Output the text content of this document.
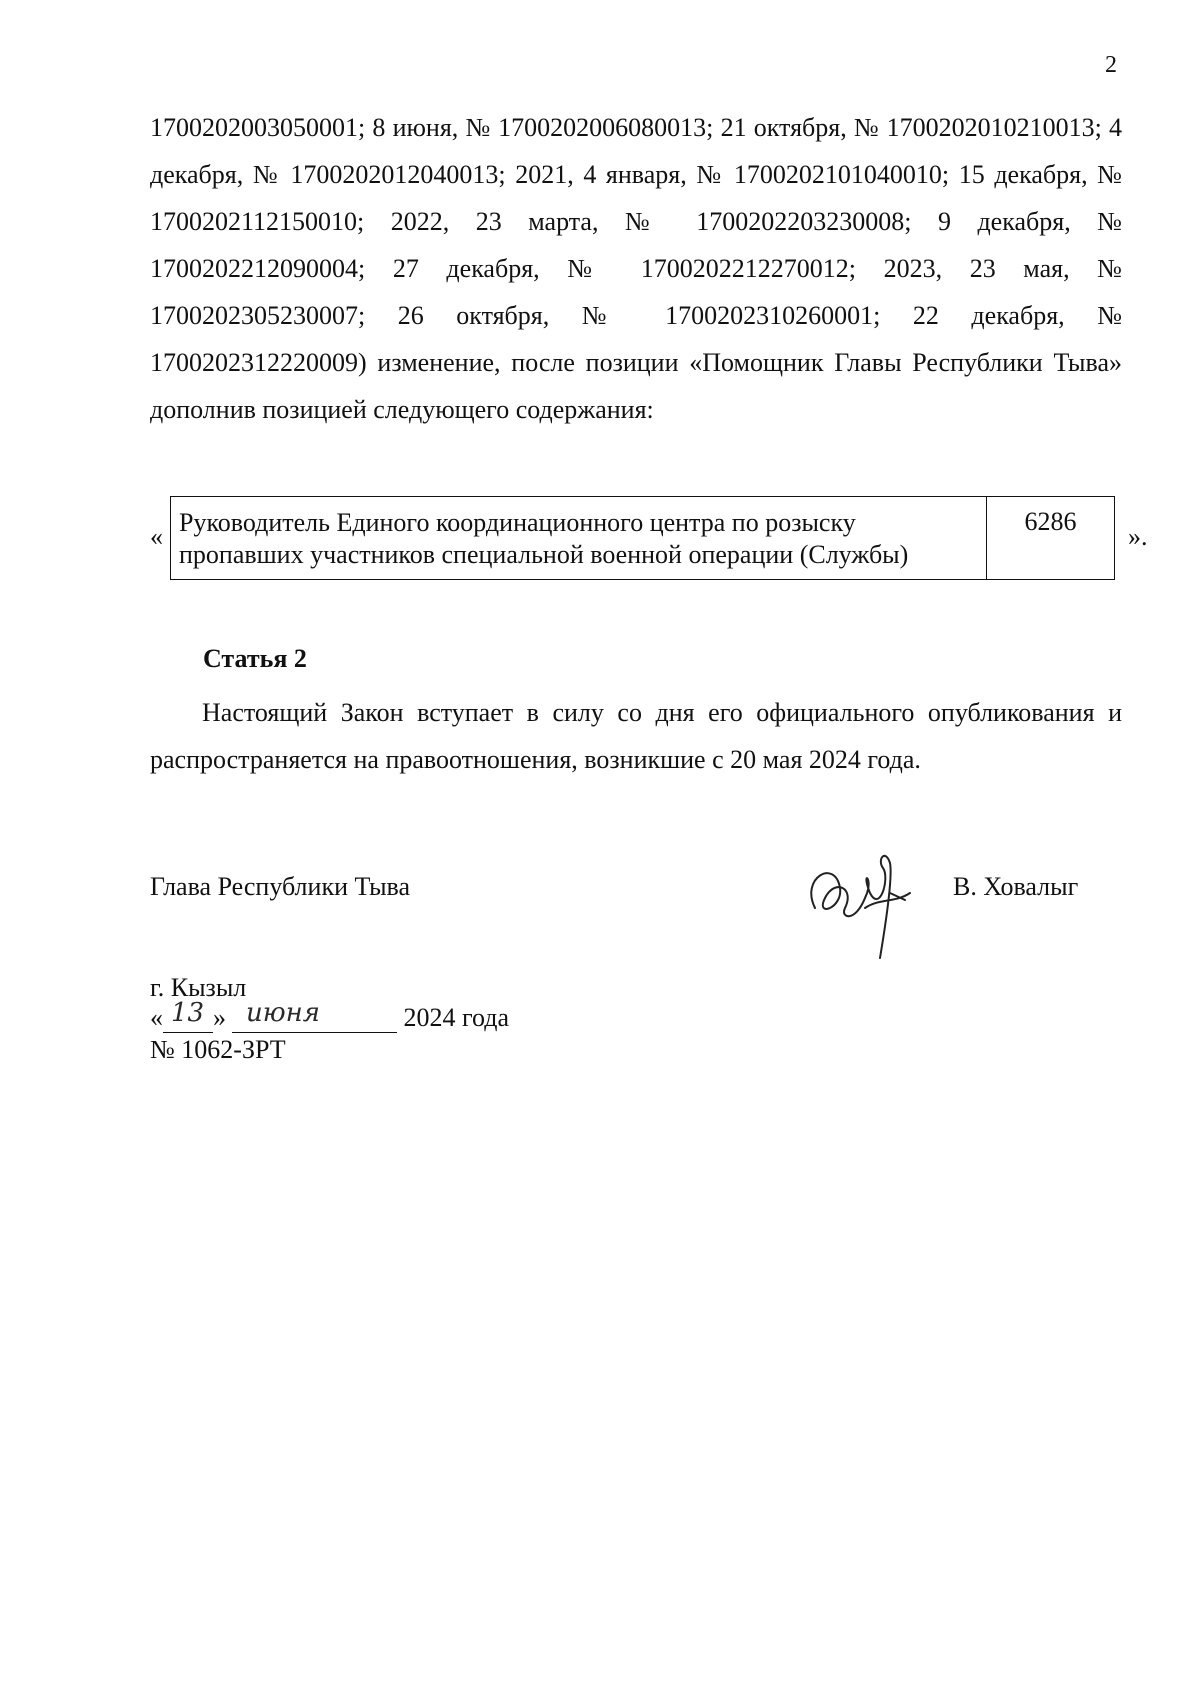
2
1700202003050001; 8 июня, № 1700202006080013; 21 октября, № 1700202010210013; 4 декабря, № 1700202012040013; 2021, 4 января, № 1700202101040010; 15 декабря, № 1700202112150010; 2022, 23 марта, № 1700202203230008; 9 декабря, № 1700202212090004; 27 декабря, № 1700202212270012; 2023, 23 мая, № 1700202305230007; 26 октября, № 1700202310260001; 22 декабря, № 1700202312220009) изменение, после позиции «Помощник Главы Республики Тыва» дополнив позицией следующего содержания:
« Руководитель Единого координационного центра по розыску пропавших участников специальной военной операции (Службы)
6286
».
Статья 2
Настоящий Закон вступает в силу со дня его официального опубликования и распространяется на правоотношения, возникшие с 20 мая 2024 года.
Глава Республики Тыва	В. Ховалыг
г. Кызыл
« 13 » июня	2024 года
№ 1062-ЗРТ
